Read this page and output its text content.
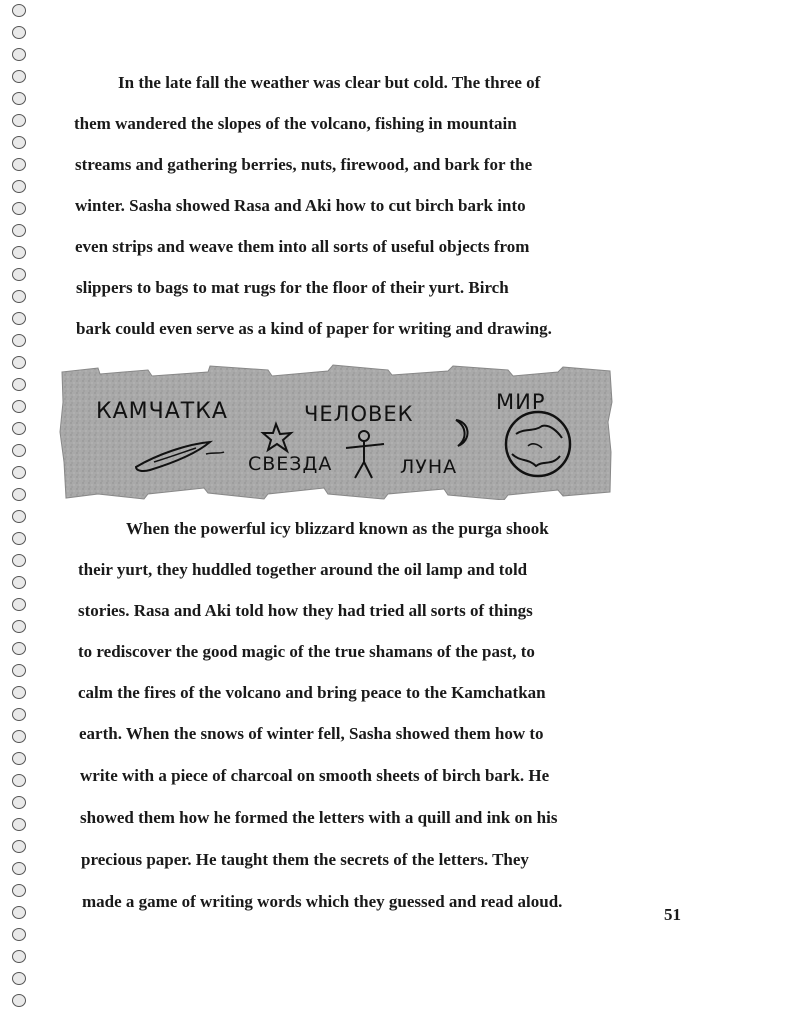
In the late fall the weather was clear but cold. The three of
them wandered the slopes of the volcano, fishing in mountain
streams and gathering berries, nuts, firewood, and bark for the
winter. Sasha showed Rasa and Aki how to cut birch bark into
even strips and weave them into all sorts of useful objects from
slippers to bags to mat rugs for the floor of their yurt. Birch
bark could even serve as a kind of paper for writing and drawing.
КАМЧАТКА	ЧЕЛОВЕК	МИР
СВЕЗДА	ЛУНА
When the powerful icy blizzard known as the purga shook
their yurt, they huddled together around the oil lamp and told
stories. Rasa and Aki told how they had tried all sorts of things
to rediscover the good magic of the true shamans of the past, to
calm the fires of the volcano and bring peace to the Kamchatkan
earth. When the snows of winter fell, Sasha showed them how to
write with a piece of charcoal on smooth sheets of birch bark. He
showed them how he formed the letters with a quill and ink on his
precious paper. He taught them the secrets of the letters. They
made a game of writing words which they guessed and read aloud.
51
